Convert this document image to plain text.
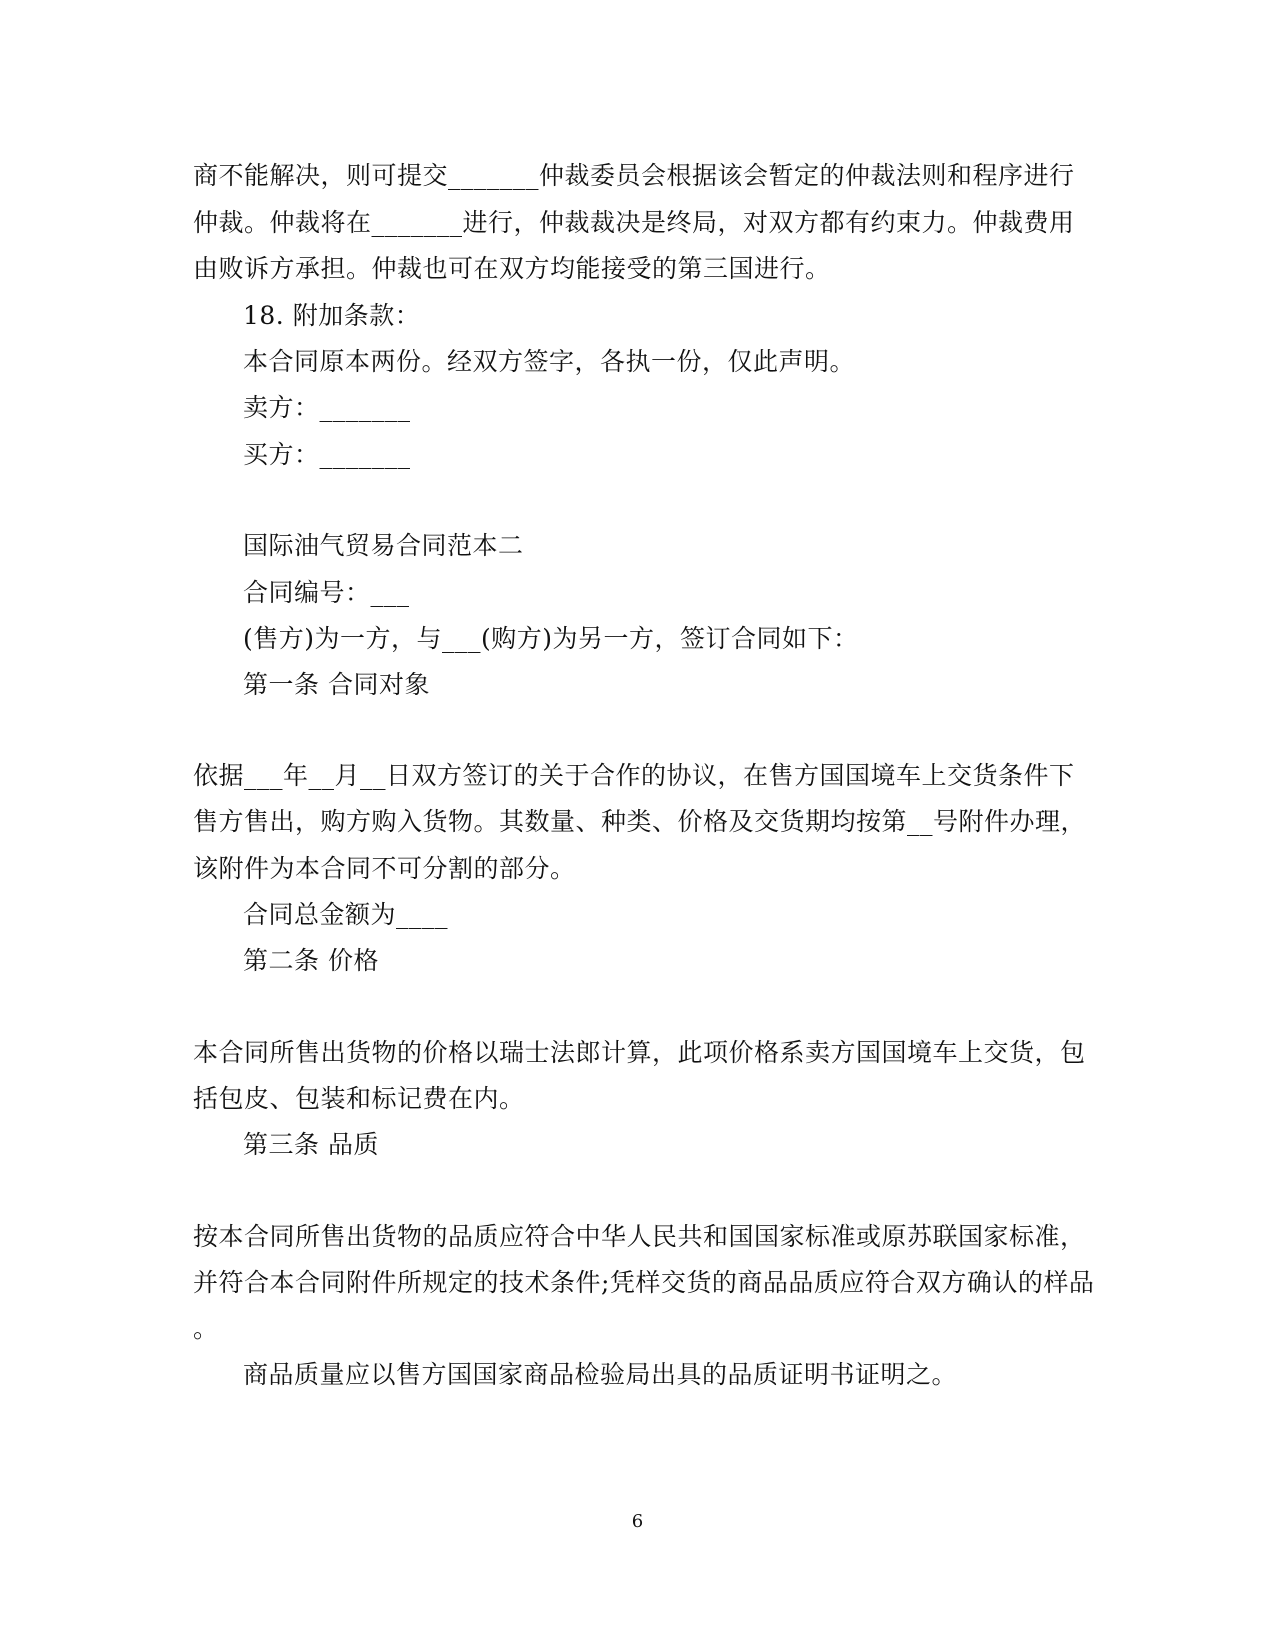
商不能解决，则可提交_______仲裁委员会根据该会暂定的仲裁法则和程序进行
仲裁。仲裁将在_______进行，仲裁裁决是终局，对双方都有约束力。仲裁费用
由败诉方承担。仲裁也可在双方均能接受的第三国进行。
18. 附加条款：
本合同原本两份。经双方签字，各执一份，仅此声明。
卖方：_______
买方：_______
国际油气贸易合同范本二
合同编号：___
(售方)为一方，与___(购方)为另一方，签订合同如下：
第一条 合同对象
依据___年__月__日双方签订的关于合作的协议，在售方国国境车上交货条件下
售方售出，购方购入货物。其数量、种类、价格及交货期均按第__号附件办理，
该附件为本合同不可分割的部分。
合同总金额为____
第二条 价格
本合同所售出货物的价格以瑞士法郎计算，此项价格系卖方国国境车上交货，包
括包皮、包装和标记费在内。
第三条 品质
按本合同所售出货物的品质应符合中华人民共和国国家标准或原苏联国家标准，
并符合本合同附件所规定的技术条件;凭样交货的商品品质应符合双方确认的样品
。
商品质量应以售方国国家商品检验局出具的品质证明书证明之。
6
